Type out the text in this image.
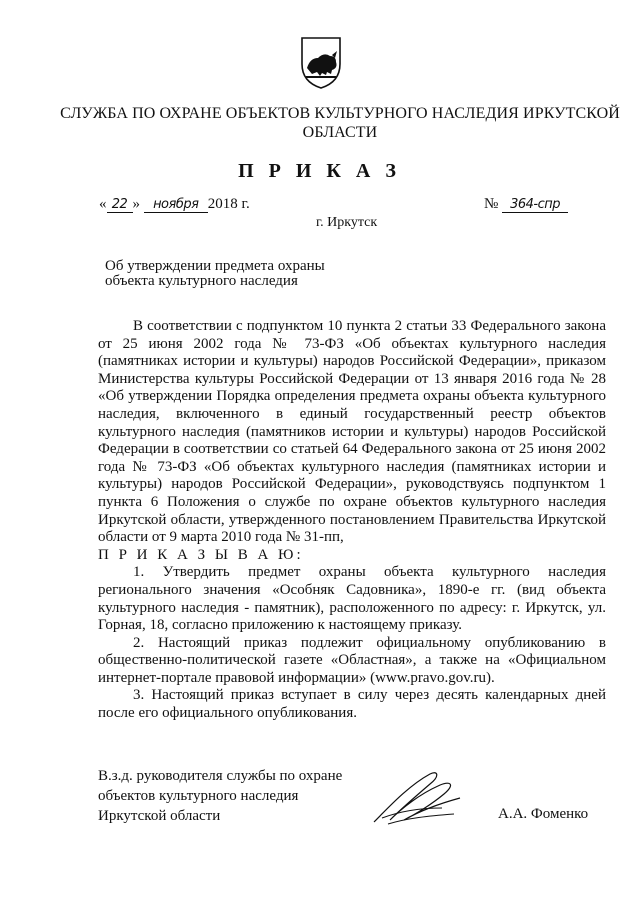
СЛУЖБА ПО ОХРАНЕ ОБЪЕКТОВ КУЛЬТУРНОГО НАСЛЕДИЯ ИРКУТСКОЙ
ОБЛАСТИ
П Р И К А З
« 22 » ноября 2018 г.	№ 364-спр
г. Иркутск
Об утверждении предмета охраны
объекта культурного наследия

В соответствии с подпунктом 10 пункта 2 статьи 33 Федерального закона от 25 июня 2002 года № 73-ФЗ «Об объектах культурного наследия (памятниках истории и культуры) народов Российской Федерации», приказом Министерства культуры Российской Федерации от 13 января 2016 года № 28 «Об утверждении Порядка определения предмета охраны объекта культурного наследия, включенного в единый государственный реестр объектов культурного наследия (памятников истории и культуры) народов Российской Федерации в соответствии со статьей 64 Федерального закона от 25 июня 2002 года № 73-ФЗ «Об объектах культурного наследия (памятниках истории и культуры) народов Российской Федерации», руководствуясь подпунктом 1 пункта 6 Положения о службе по охране объектов культурного наследия Иркутской области, утвержденного постановлением Правительства Иркутской области от 9 марта 2010 года № 31-пп,

П Р И К А З Ы В А Ю:

1. Утвердить предмет охраны объекта культурного наследия регионального значения «Особняк Садовника», 1890-е гг. (вид объекта культурного наследия - памятник), расположенного по адресу: г. Иркутск, ул. Горная, 18, согласно приложению к настоящему приказу.

2. Настоящий приказ подлежит официальному опубликованию в общественно-политической газете «Областная», а также на «Официальном интернет-портале правовой информации» (www.pravo.gov.ru).

3. Настоящий приказ вступает в силу через десять календарных дней после его официального опубликования.

В.з.д. руководителя службы по охране
объектов культурного наследия
Иркутской области	А.А. Фоменко
